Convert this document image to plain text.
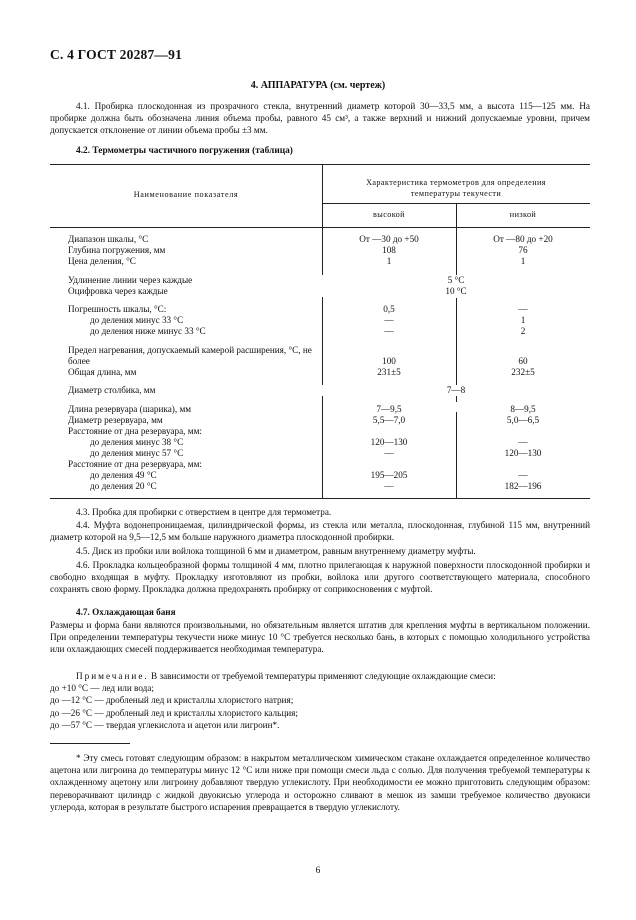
С. 4 ГОСТ 20287—91
4. АППАРАТУРА (см. чертеж)
4.1. Пробирка плоскодонная из прозрачного стекла, внутренний диаметр которой 30—33,5 мм, а высота 115—125 мм. На пробирке должна быть обозначена линия объема пробы, равного 45 см³, а также верхний и нижний допускаемые уровни, причем допускается отклонение от линии объема пробы ±3 мм.
4.2. Термометры частичного погружения (таблица)
Наименование показателя
Характеристика термометров для определения
температуры текучести
высокой	низкой
Диапазон шкалы, °С	От —30 до +50	От —80 до +20
Глубина погружения, мм	108	76
Цена деления, °С	1	1
Удлинение линии через каждые	5 °С
Оцифровка через каждые	10 °С
Погрешность шкалы, °С:	0,5	—
до деления минус 33 °С	—	1
до деления ниже минус 33 °С	—	2
Предел нагревания, допускаемый камерой расширения, °С, не более	100	60
Общая длина, мм	231±5	232±5
Диаметр столбика, мм	7—8
Длина резервуара (шарика), мм	7—9,5	8—9,5
Диаметр резервуара, мм	5,5—7,0	5,0—6,5
Расстояние от дна резервуара, мм:
до деления минус 38 °С	120—130	—
до деления минус 57 °С	—	120—130
Расстояние от дна резервуара, мм:
до деления 49 °С	195—205	—
до деления 20 °С	—	182—196
4.3. Пробка для пробирки с отверстием в центре для термометра.
4.4. Муфта водонепроницаемая, цилиндрической формы, из стекла или металла, плоскодонная, глубиной 115 мм, внутренний диаметр которой на 9,5—12,5 мм больше наружного диаметра плоскодонной пробирки.
4.5. Диск из пробки или войлока толщиной 6 мм и диаметром, равным внутреннему диаметру муфты.
4.6. Прокладка кольцеобразной формы толщиной 4 мм, плотно прилегающая к наружной поверхности плоскодонной пробирки и свободно входящая в муфту. Прокладку изготовляют из пробки, войлока или другого соответствующего материала, способного сохранять свою форму. Прокладка должна предохранять пробирку от соприкосновения с муфтой.
4.7. Охлаждающая баня
Размеры и форма бани являются произвольными, но обязательным является штатив для крепления муфты в вертикальном положении. При определении температуры текучести ниже минус 10 °С требуется несколько бань, в которых с помощью холодильного устройства или охлаждающих смесей поддерживается необходимая температура.
Примечание. В зависимости от требуемой температуры применяют следующие охлаждающие смеси:
до +10 °С — лед или вода;
до —12 °С — дробленый лед и кристаллы хлористого натрия;
до —26 °С — дробленый лед и кристаллы хлористого кальция;
до —57 °С — твердая углекислота и ацетон или лигроин*.
* Эту смесь готовят следующим образом: в накрытом металлическом химическом стакане охлаждается определенное количество ацетона или лигроина до температуры минус 12 °С или ниже при помощи смеси льда с солью. Для получения требуемой температуры к охлажденному ацетону или лигроину добавляют твердую углекислоту. При необходимости ее можно приготовить следующим образом: переворачивают цилиндр с жидкой двуокисью углерода и осторожно сливают в мешок из замши требуемое количество двуокиси углерода, которая в результате быстрого испарения превращается в твердую углекислоту.
6
